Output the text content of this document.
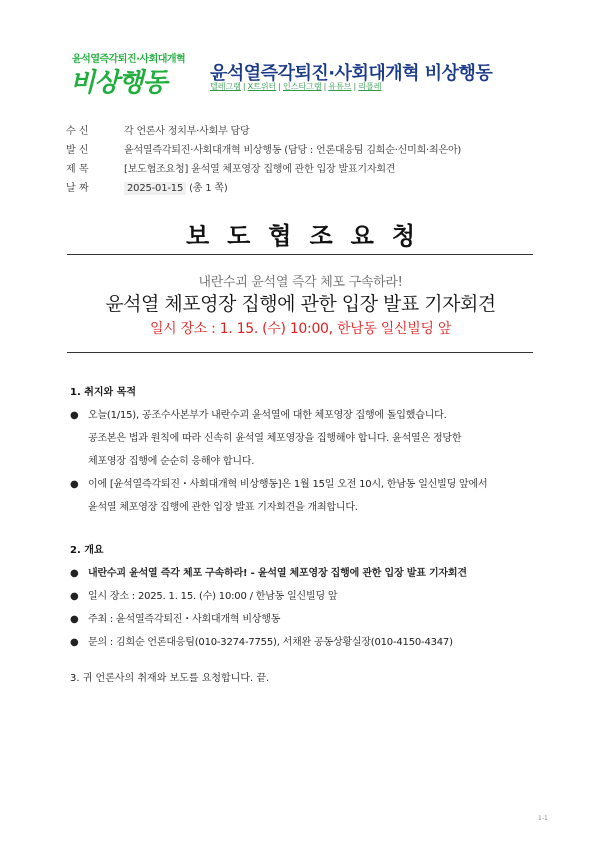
윤석열즉각퇴진·사회대개혁
비상행동 윤석열즉각퇴진·사회대개혁 비상행동
텔레그램 | X트위터 | 인스타그램 | 유튜브 | 리플레
수 신	각 언론사 정치부·사회부 담당
발 신	윤석열즉각퇴진·사회대개혁 비상행동 (담당 : 언론대응팀 김희순·신미희·최은아)
제 목	[보도협조요청] 윤석열 체포영장 집행에 관한 입장 발표기자회견
날 짜	2025-01-15 (총 1 쪽)
보도협조요청
내란수괴 윤석열 즉각 체포 구속하라!
윤석열 체포영장 집행에 관한 입장 발표 기자회견
일시 장소 : 1. 15. (수) 10:00, 한남동 일신빌딩 앞
1. 취지와 목적
● 오늘(1/15), 공조수사본부가 내란수괴 윤석열에 대한 체포영장 집행에 돌입했습니다.
공조본은 법과 원칙에 따라 신속히 윤석열 체포영장을 집행해야 합니다. 윤석열은 정당한
체포영장 집행에 순순히 응해야 합니다.
● 이에 [윤석열즉각퇴진・사회대개혁 비상행동]은 1월 15일 오전 10시, 한남동 일신빌딩 앞에서
윤석열 체포영장 집행에 관한 입장 발표 기자회견을 개최합니다.
2. 개요
● 내란수괴 윤석열 즉각 체포 구속하라! - 윤석열 체포영장 집행에 관한 입장 발표 기자회견
● 일시 장소 : 2025. 1. 15. (수) 10:00 / 한남동 일신빌딩 앞
● 주최 : 윤석열즉각퇴진・사회대개혁 비상행동
● 문의 : 김희순 언론대응팀(010-3274-7755), 서채완 공동상황실장(010-4150-4347)
3. 귀 언론사의 취재와 보도를 요청합니다. 끝.
1-1
